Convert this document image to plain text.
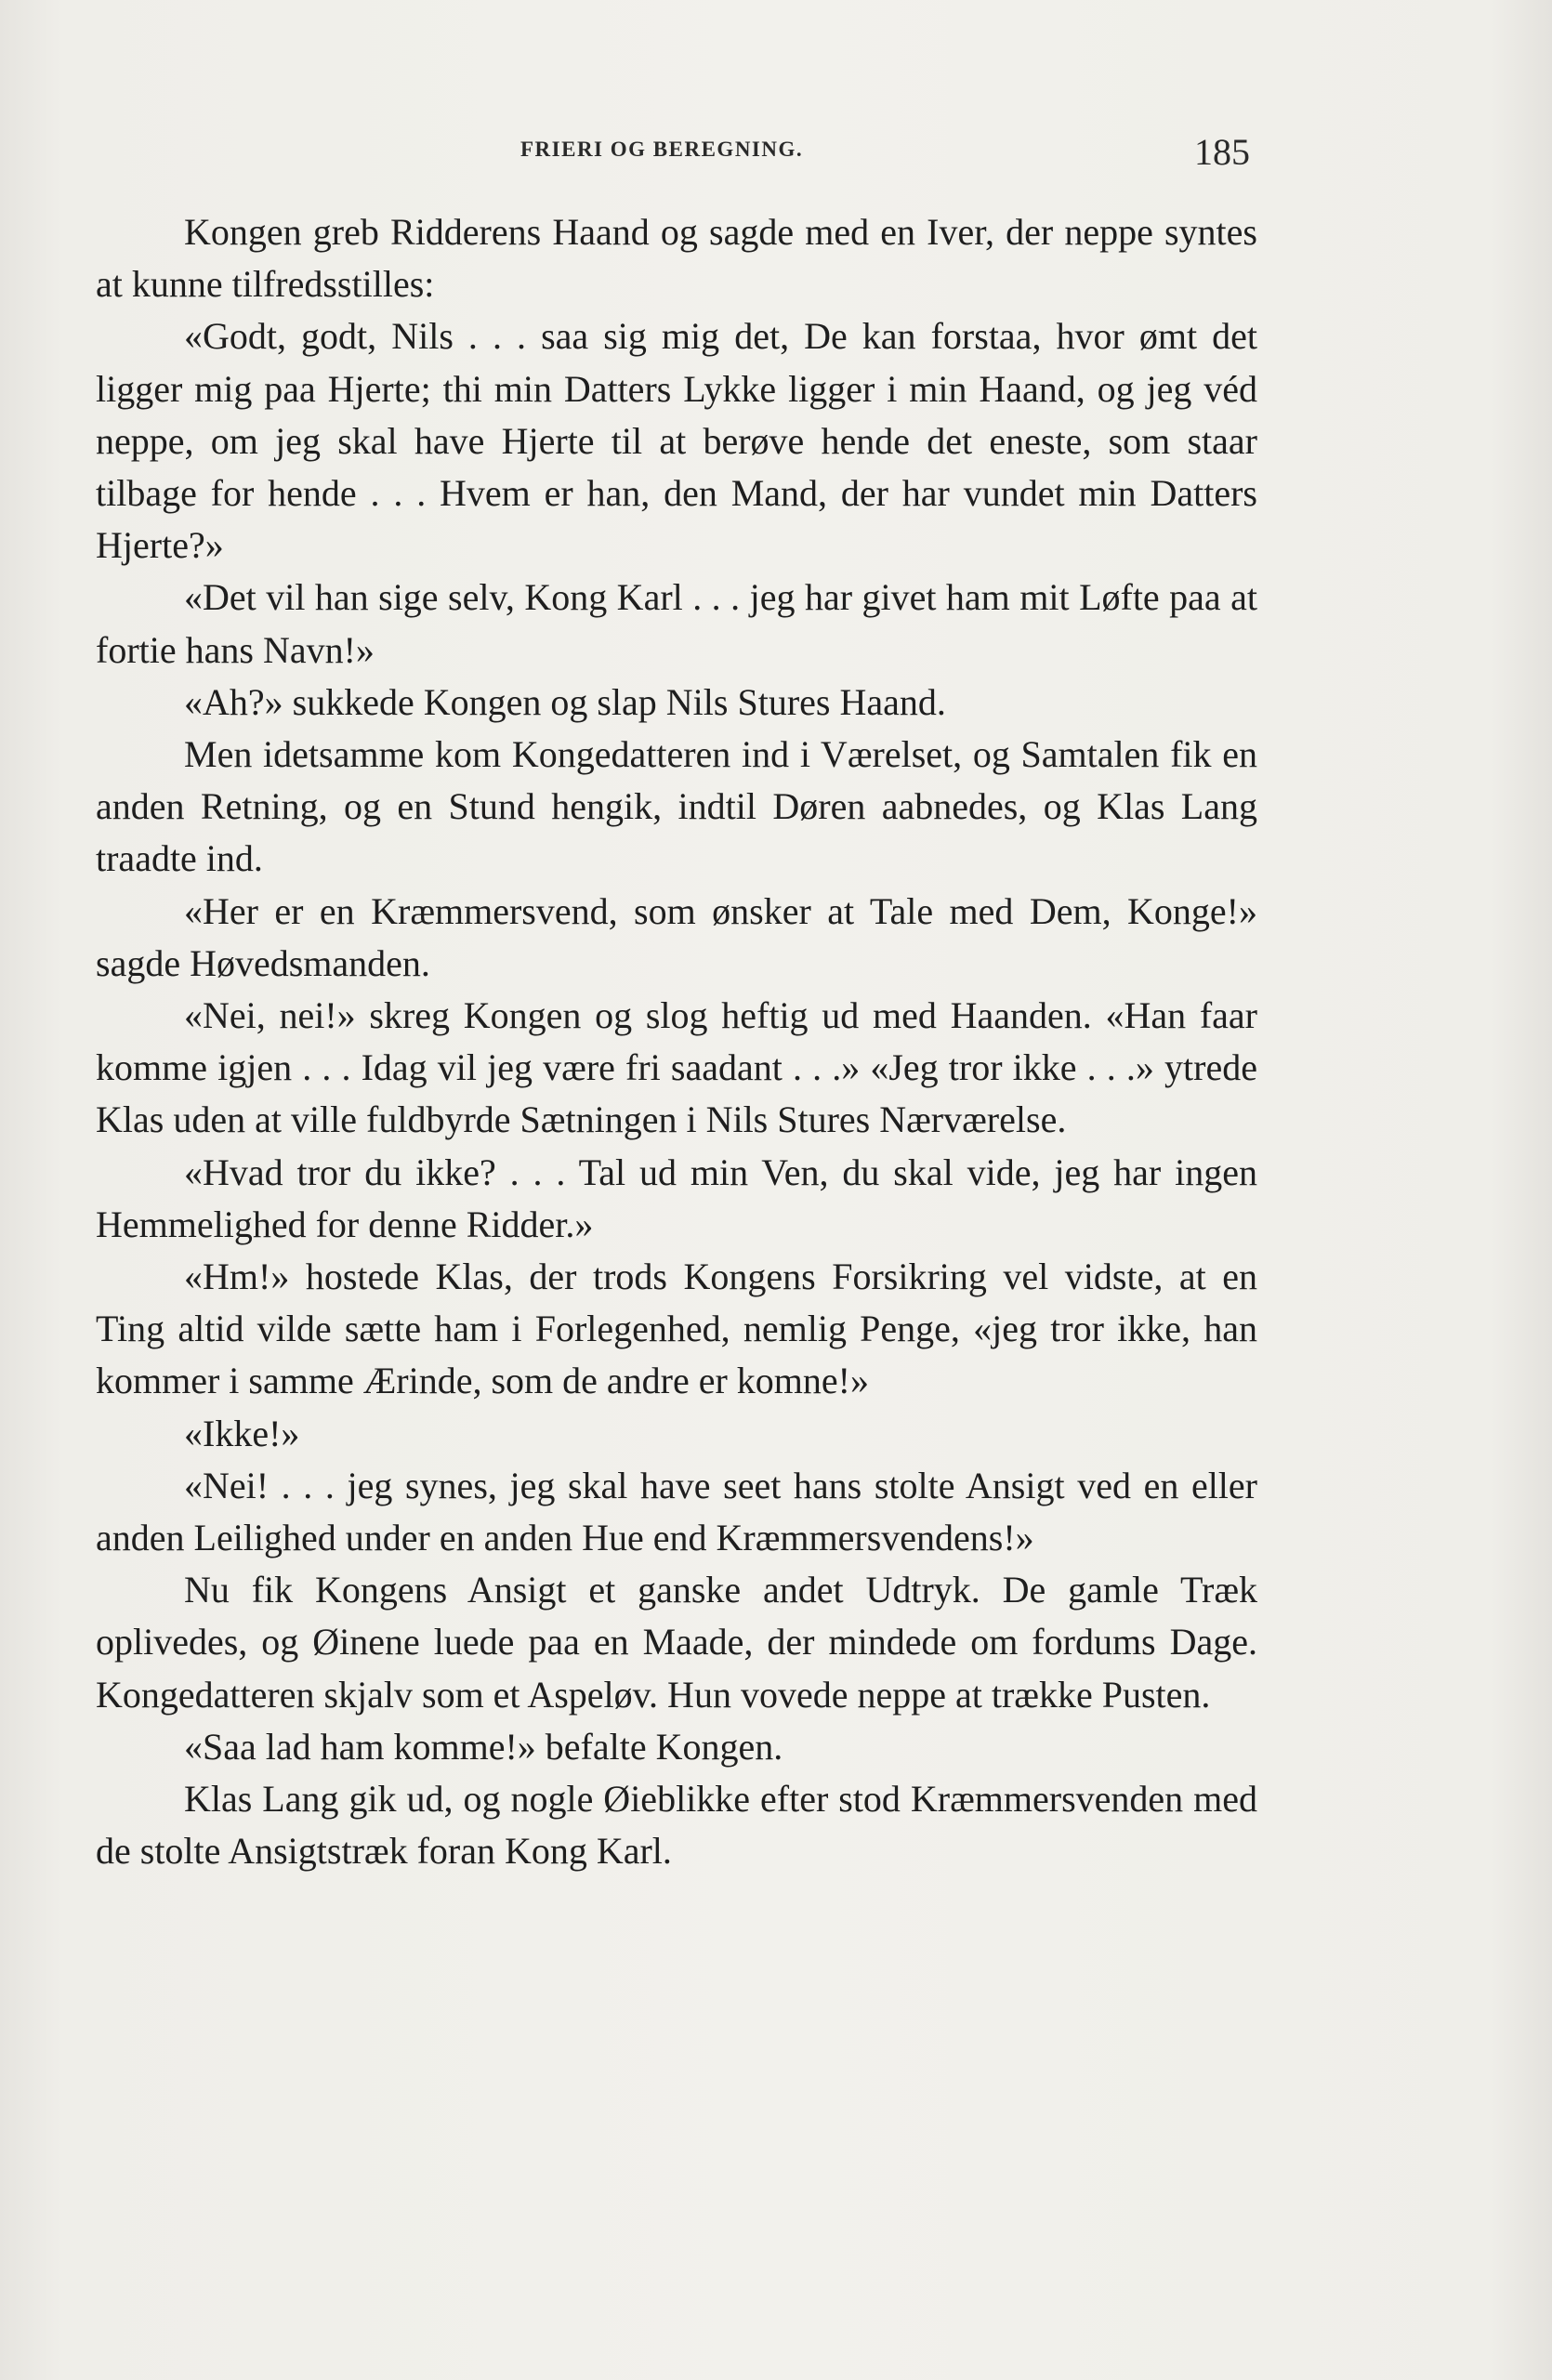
FRIERI OG BEREGNING.	185

Kongen greb Ridderens Haand og sagde med en Iver, der neppe syntes at kunne tilfredsstilles:

«Godt, godt, Nils . . . saa sig mig det, De kan forstaa, hvor ømt det ligger mig paa Hjerte; thi min Datters Lykke ligger i min Haand, og jeg véd neppe, om jeg skal have Hjerte til at berøve hende det eneste, som staar tilbage for hende . . . Hvem er han, den Mand, der har vundet min Datters Hjerte?»

«Det vil han sige selv, Kong Karl . . . jeg har givet ham mit Løfte paa at fortie hans Navn!»

«Ah?» sukkede Kongen og slap Nils Stures Haand.

Men idetsamme kom Kongedatteren ind i Værelset, og Samtalen fik en anden Retning, og en Stund hengik, indtil Døren aabnedes, og Klas Lang traadte ind.

«Her er en Kræmmersvend, som ønsker at Tale med Dem, Konge!» sagde Høvedsmanden.

«Nei, nei!» skreg Kongen og slog heftig ud med Haanden. «Han faar komme igjen . . . Idag vil jeg være fri saadant . . .» «Jeg tror ikke . . .» ytrede Klas uden at ville fuldbyrde Sætningen i Nils Stures Nærværelse.

«Hvad tror du ikke? . . . Tal ud min Ven, du skal vide, jeg har ingen Hemmelighed for denne Ridder.»

«Hm!» hostede Klas, der trods Kongens Forsikring vel vidste, at en Ting altid vilde sætte ham i Forlegenhed, nemlig Penge, «jeg tror ikke, han kommer i samme Ærinde, som de andre er komne!»

«Ikke!»

«Nei! . . . jeg synes, jeg skal have seet hans stolte Ansigt ved en eller anden Leilighed under en anden Hue end Kræmmersvendens!»

Nu fik Kongens Ansigt et ganske andet Udtryk. De gamle Træk oplivedes, og Øinene luede paa en Maade, der mindede om fordums Dage. Kongedatteren skjalv som et Aspeløv. Hun vovede neppe at trække Pusten.

«Saa lad ham komme!» befalte Kongen.

Klas Lang gik ud, og nogle Øieblikke efter stod Kræmmersvenden med de stolte Ansigtstræk foran Kong Karl.
